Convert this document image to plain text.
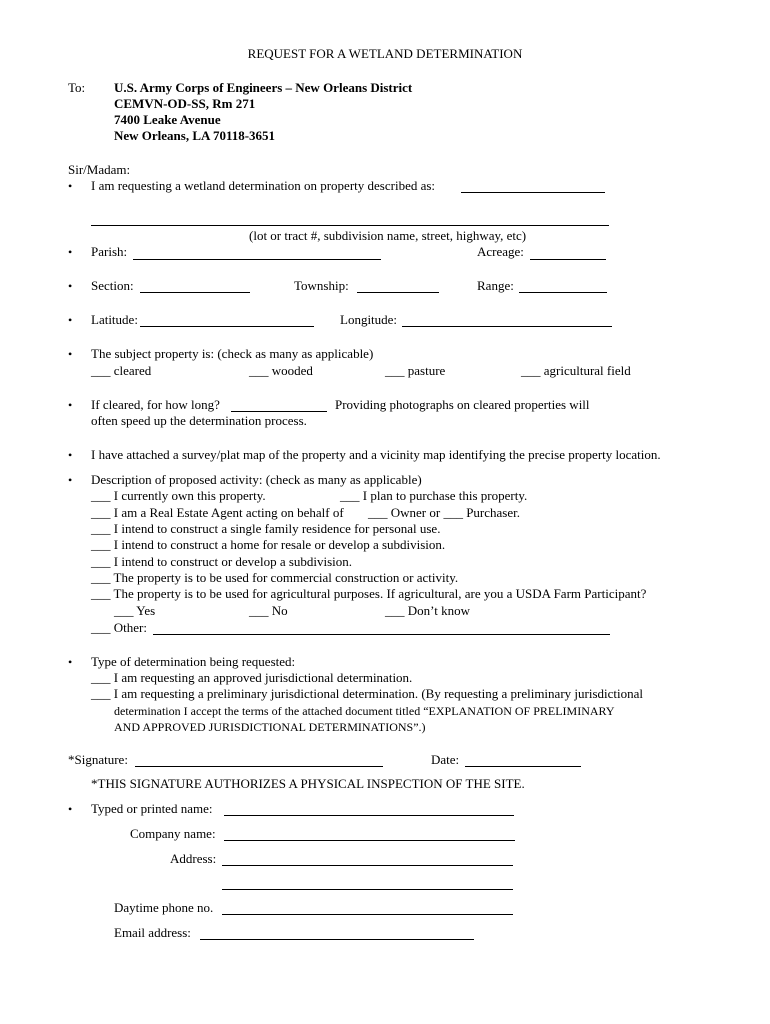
REQUEST FOR A WETLAND DETERMINATION
To: U.S. Army Corps of Engineers – New Orleans District
CEMVN-OD-SS, Rm 271
7400 Leake Avenue
New Orleans, LA 70118-3651
Sir/Madam:
• I am requesting a wetland determination on property described as:
(lot or tract #, subdivision name, street, highway, etc)
• Parish:	Acreage:
• Section:	Township:	Range:
• Latitude:	Longitude:
• The subject property is: (check as many as applicable)
___ cleared	___ wooded	___ pasture	___ agricultural field
• If cleared, for how long?	Providing photographs on cleared properties will
often speed up the determination process.
• I have attached a survey/plat map of the property and a vicinity map identifying the precise property location.
• Description of proposed activity: (check as many as applicable)
___ I currently own this property.	___ I plan to purchase this property.
___ I am a Real Estate Agent acting on behalf of ___ Owner or ___ Purchaser.
___ I intend to construct a single family residence for personal use.
___ I intend to construct a home for resale or develop a subdivision.
___ I intend to construct or develop a subdivision.
___ The property is to be used for commercial construction or activity.
___ The property is to be used for agricultural purposes. If agricultural, are you a USDA Farm Participant?
___ Yes	___ No	___ Don’t know
___ Other:
• Type of determination being requested:
___ I am requesting an approved jurisdictional determination.
___ I am requesting a preliminary jurisdictional determination. (By requesting a preliminary jurisdictional
determination I accept the terms of the attached document titled “EXPLANATION OF PRELIMINARY
AND APPROVED JURISDICTIONAL DETERMINATIONS”.)
*Signature:	Date:
*THIS SIGNATURE AUTHORIZES A PHYSICAL INSPECTION OF THE SITE.
• Typed or printed name:
Company name:
Address:
Daytime phone no.
Email address:
